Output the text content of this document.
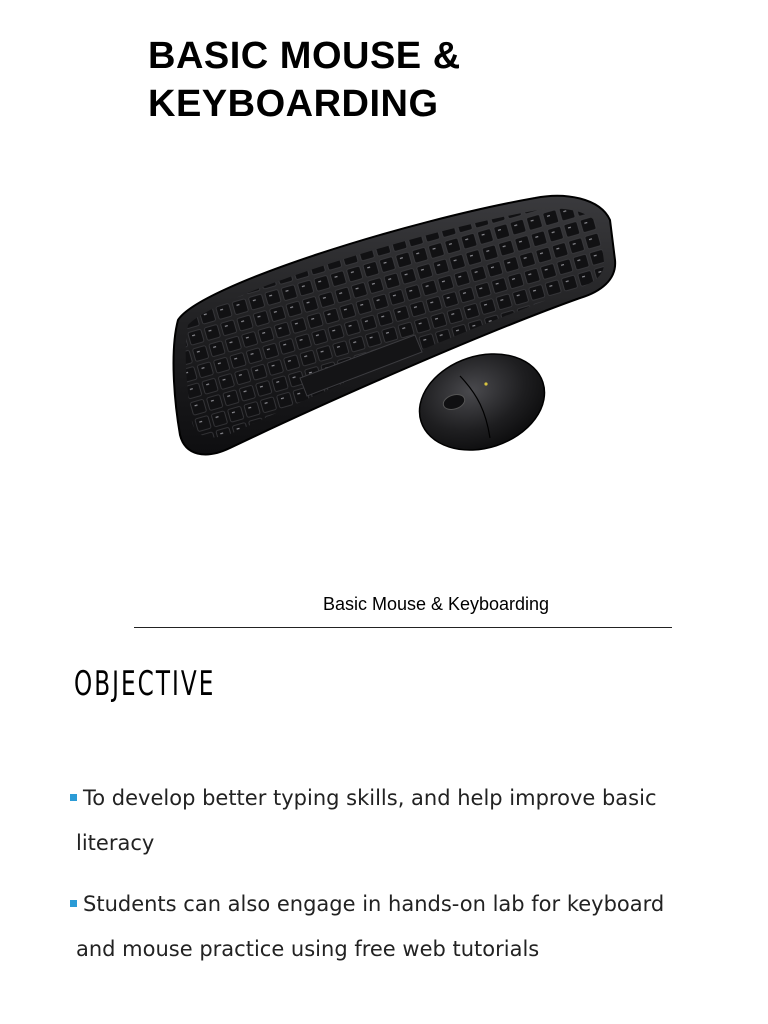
BASIC MOUSE &
KEYBOARDING
Basic Mouse & Keyboarding
OBJECTIVE
To develop better typing skills, and help improve basic literacy
Students can also engage in hands-on lab for keyboard and mouse practice using free web tutorials
